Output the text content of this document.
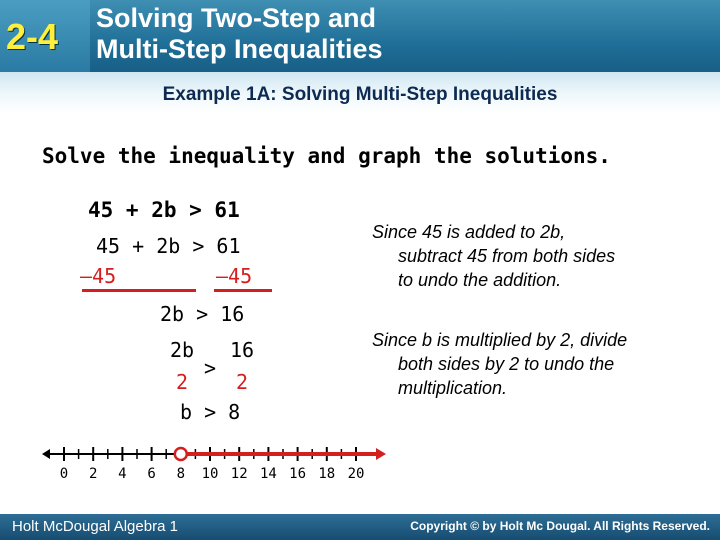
2-4 Solving Two-Step and
Multi-Step Inequalities
Example 1A: Solving Multi-Step Inequalities
Solve the inequality and graph the solutions.
45 + 2b > 61
45 + 2b > 61
–45	–45
2b > 16
2b
>
16
2 2
b > 8
Since 45 is added to 2b,
subtract 45 from both sides
to undo the addition.
Since b is multiplied by 2, divide
both sides by 2 to undo the
multiplication.
0 2 4 6 8 10 12 14 16 18 20
Holt McDougal Algebra 1	Copyright © by Holt Mc Dougal. All Rights Reserved.
